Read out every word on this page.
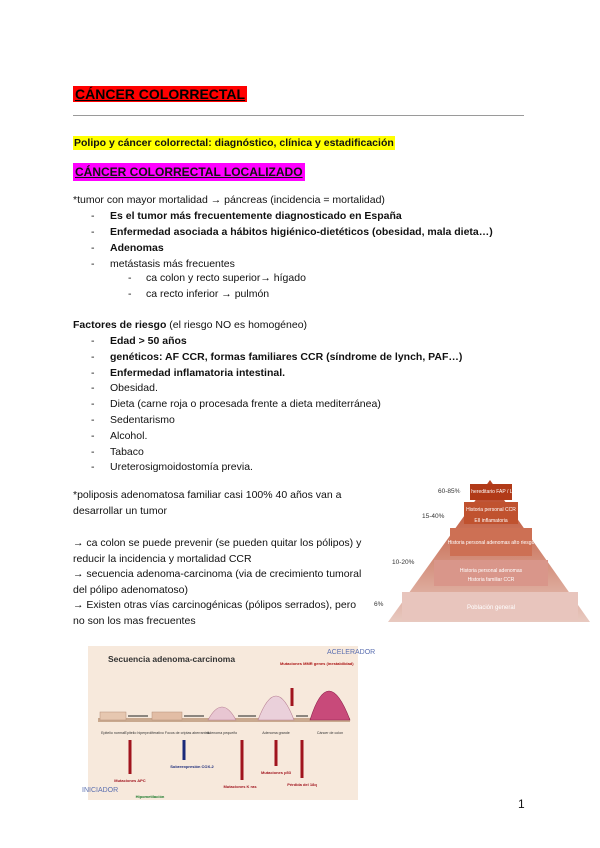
CÁNCER COLORRECTAL
Polipo y cáncer colorrectal: diagnóstico, clínica y estadificación
CÁNCER COLORRECTAL LOCALIZADO
*tumor con mayor mortalidad → páncreas (incidencia = mortalidad)
- Es el tumor más frecuentemente diagnosticado en España
- Enfermedad asociada a hábitos higiénico-dietéticos (obesidad, mala dieta…)
- Adenomas
- metástasis más frecuentes
- ca colon y recto superior→ hígado
- ca recto inferior → pulmón
Factores de riesgo (el riesgo NO es homogéneo)
- Edad > 50 años
- genéticos: AF CCR, formas familiares CCR (síndrome de lynch, PAF…)
- Enfermedad inflamatoria intestinal.
- Obesidad.
- Dieta (carne roja o procesada frente a dieta mediterránea)
- Sedentarismo
- Alcohol.
- Tabaco
- Ureterosigmoidostomía previa.
*poliposis adenomatosa familiar casi 100% 40 años van a
desarrollar un tumor
→ ca colon se puede prevenir (se pueden quitar los pólipos) y
reducir la incidencia y mortalidad CCR
→ secuencia adenoma-carcinoma (via de crecimiento tumoral
del pólipo adenomatoso)
→ Existen otras vías carcinogénicas (pólipos serrados), pero
no son los mas frecuentes
60-85%
15-40%
10-20%
6%
CCR hereditario FAP / Lynch
Historia personal CCR
EII inflamatoria
Historia personal adenomas alto riesgo
Historia personal adenomas
Historia familiar CCR
Población general
Secuencia adenoma-carcinoma
ACELERADOR
INICIADOR
Mutaciones MMR genes (inestabilidad)
Epitelio normal Epitelio hiperproliferativo Focos de criptas aberrantes
Adenoma pequeño	Adenoma grande	Cáncer de colon
Mutaciones APC
Sobreexpresión COX-2
Mutaciones K ras
Mutaciones p53
Pérdida del 18q
Hipometilación
1
